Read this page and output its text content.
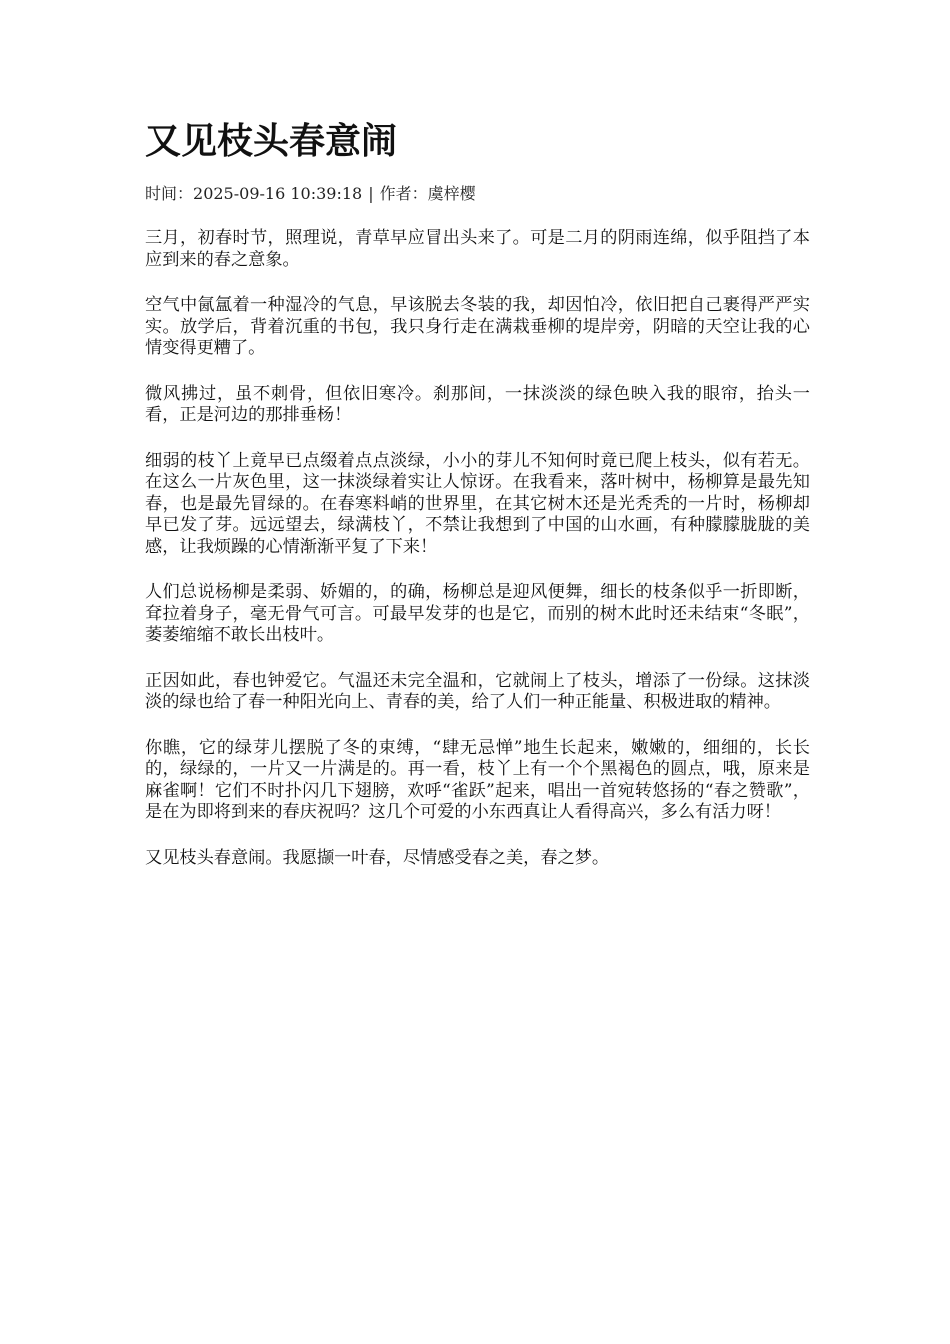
又见枝头春意闹
时间：2025-09-16 10:39:18 | 作者：虞梓樱

三月，初春时节，照理说，青草早应冒出头来了。可是二月的阴雨连绵，似乎阻挡了本应到来的春之意象。

空气中氤氲着一种湿冷的气息，早该脱去冬装的我，却因怕冷，依旧把自己裹得严严实实。放学后，背着沉重的书包，我只身行走在满栽垂柳的堤岸旁，阴暗的天空让我的心情变得更糟了。

微风拂过，虽不刺骨，但依旧寒冷。刹那间，一抹淡淡的绿色映入我的眼帘，抬头一看，正是河边的那排垂杨！

细弱的枝丫上竟早已点缀着点点淡绿，小小的芽儿不知何时竟已爬上枝头，似有若无。在这么一片灰色里，这一抹淡绿着实让人惊讶。在我看来，落叶树中，杨柳算是最先知春，也是最先冒绿的。在春寒料峭的世界里，在其它树木还是光秃秃的一片时，杨柳却早已发了芽。远远望去，绿满枝丫，不禁让我想到了中国的山水画，有种朦朦胧胧的美感，让我烦躁的心情渐渐平复了下来！

人们总说杨柳是柔弱、娇媚的，的确，杨柳总是迎风便舞，细长的枝条似乎一折即断，耷拉着身子，毫无骨气可言。可最早发芽的也是它，而别的树木此时还未结束“冬眠”，萎萎缩缩不敢长出枝叶。

正因如此，春也钟爱它。气温还未完全温和，它就闹上了枝头，增添了一份绿。这抹淡淡的绿也给了春一种阳光向上、青春的美，给了人们一种正能量、积极进取的精神。

你瞧，它的绿芽儿摆脱了冬的束缚，“肆无忌惮”地生长起来，嫩嫩的，细细的，长长的，绿绿的，一片又一片满是的。再一看，枝丫上有一个个黑褐色的圆点，哦，原来是麻雀啊！它们不时扑闪几下翅膀，欢呼“雀跃”起来，唱出一首宛转悠扬的“春之赞歌”，是在为即将到来的春庆祝吗？这几个可爱的小东西真让人看得高兴，多么有活力呀！

又见枝头春意闹。我愿撷一叶春，尽情感受春之美，春之梦。
